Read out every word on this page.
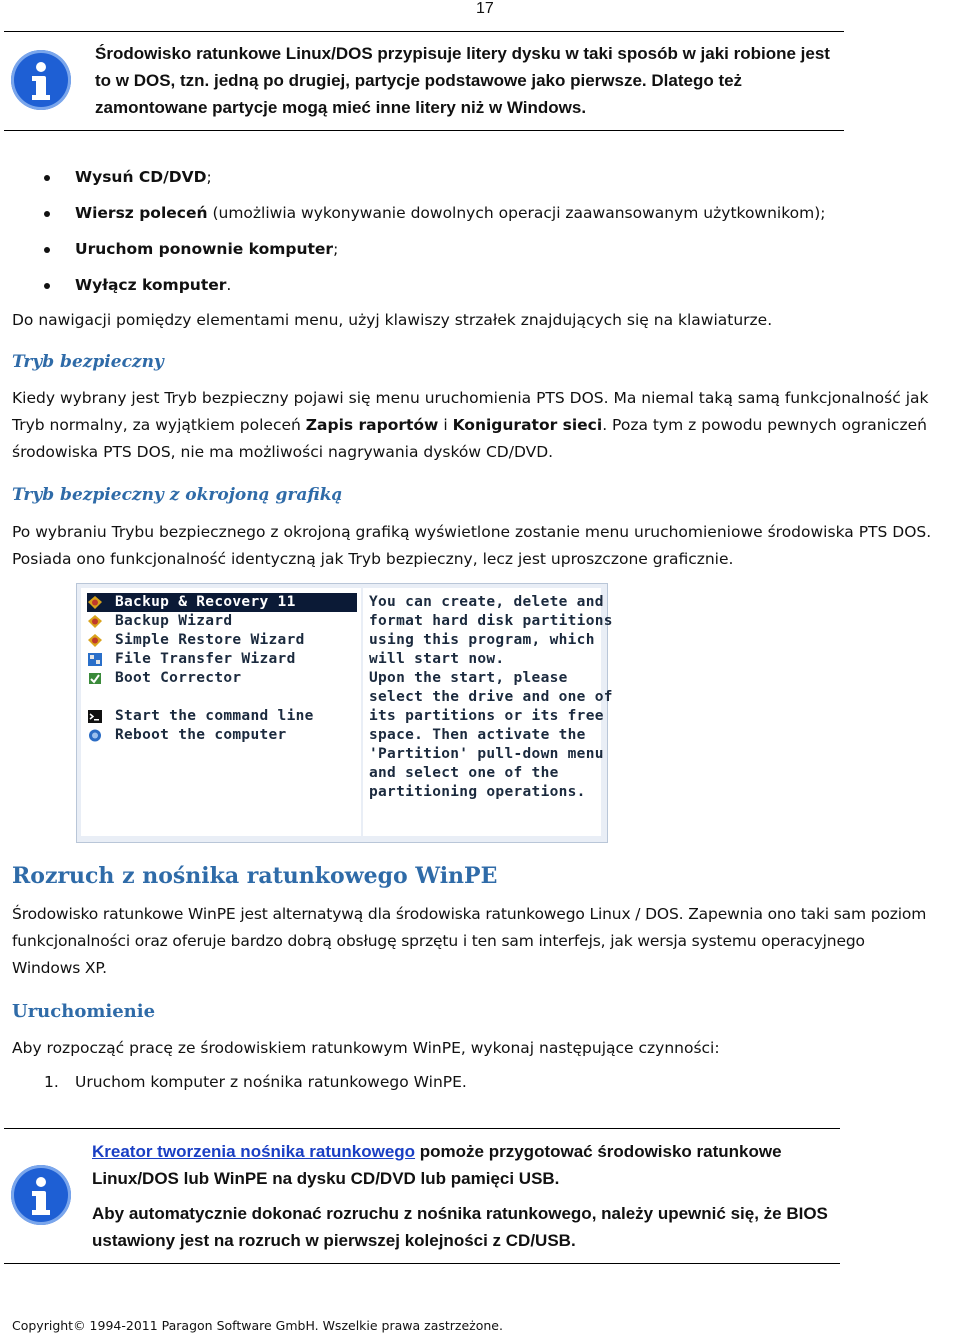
17
Środowisko ratunkowe Linux/DOS przypisuje litery dysku w taki sposób w jaki robione jest
to w DOS, tzn. jedną po drugiej, partycje podstawowe jako pierwsze. Dlatego też
zamontowane partycje mogą mieć inne litery niż w Windows.
Wysuń CD/DVD;
Wiersz poleceń (umożliwia wykonywanie dowolnych operacji zaawansowanym użytkownikom);
Uruchom ponownie komputer;
Wyłącz komputer.
Do nawigacji pomiędzy elementami menu, użyj klawiszy strzałek znajdujących się na klawiaturze.
Tryb bezpieczny
Kiedy wybrany jest Tryb bezpieczny pojawi się menu uruchomienia PTS DOS. Ma niemal taką samą funkcjonalność jak
Tryb normalny, za wyjątkiem poleceń Zapis raportów i Konigurator sieci. Poza tym z powodu pewnych ograniczeń
środowiska PTS DOS, nie ma możliwości nagrywania dysków CD/DVD.
Tryb bezpieczny z okrojoną grafiką
Po wybraniu Trybu bezpiecznego z okrojoną grafiką wyświetlone zostanie menu uruchomieniowe środowiska PTS DOS.
Posiada ono funkcjonalność identyczną jak Tryb bezpieczny, lecz jest uproszczone graficznie.
Backup & Recovery 11
Backup Wizard
Simple Restore Wizard
File Transfer Wizard
Boot Corrector
Start the command line
Reboot the computer
You can create, delete and
format hard disk partitions
using this program, which
will start now.
Upon the start, please
select the drive and one of
its partitions or its free
space. Then activate the
'Partition' pull-down menu
and select one of the
partitioning operations.
Rozruch z nośnika ratunkowego WinPE
Środowisko ratunkowe WinPE jest alternatywą dla środowiska ratunkowego Linux / DOS. Zapewnia ono taki sam poziom
funkcjonalności oraz oferuje bardzo dobrą obsługę sprzętu i ten sam interfejs, jak wersja systemu operacyjnego
Windows XP.
Uruchomienie
Aby rozpocząć pracę ze środowiskiem ratunkowym WinPE, wykonaj następujące czynności:
1. Uruchom komputer z nośnika ratunkowego WinPE.
Kreator tworzenia nośnika ratunkowego pomoże przygotować środowisko ratunkowe
Linux/DOS lub WinPE na dysku CD/DVD lub pamięci USB.
Aby automatycznie dokonać rozruchu z nośnika ratunkowego, należy upewnić się, że BIOS
ustawiony jest na rozruch w pierwszej kolejności z CD/USB.
Copyright© 1994-2011 Paragon Software GmbH. Wszelkie prawa zastrzeżone.
